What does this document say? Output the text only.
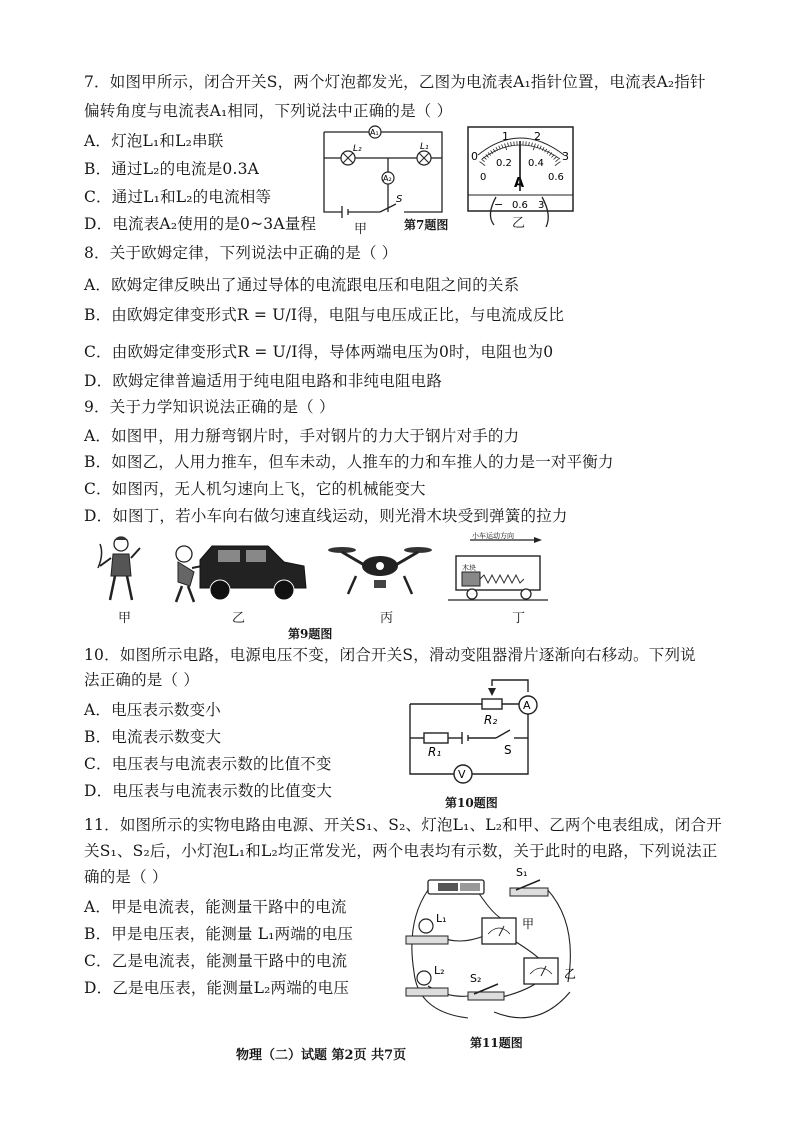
7．如图甲所示，闭合开关S，两个灯泡都发光，乙图为电流表A₁指针位置，电流表A₂指针
偏转角度与电流表A₁相同，下列说法中正确的是（ ）
A．灯泡L₁和L₂串联
B．通过L₂的电流是0.3A
C．通过L₁和L₂的电流相等
D．电流表A₂使用的是0~3A量程
A₁
L₂	L₁
A₂
S
甲	第7题图
0
1 2
3
0
0.2 0.4
0.6
A
− 0.6 3
乙
8．关于欧姆定律，下列说法中正确的是（ ）
A．欧姆定律反映出了通过导体的电流跟电压和电阻之间的关系
B．由欧姆定律变形式R = U/I得，电阻与电压成正比，与电流成反比
C．由欧姆定律变形式R = U/I得，导体两端电压为0时，电阻也为0
D．欧姆定律普遍适用于纯电阻电路和非纯电阻电路
9．关于力学知识说法正确的是（ ）
A．如图甲，用力掰弯钢片时，手对钢片的力大于钢片对手的力
B．如图乙，人用力推车，但车未动，人推车的力和车推人的力是一对平衡力
C．如图丙，无人机匀速向上飞，它的机械能变大
D．如图丁，若小车向右做匀速直线运动，则光滑木块受到弹簧的拉力
小车运动方向
木块
甲	乙	丙	丁
第9题图
10．如图所示电路，电源电压不变，闭合开关S，滑动变阻器滑片逐渐向右移动。下列说
法正确的是（ ）
A．电压表示数变小
B．电流表示数变大
C．电压表与电流表示数的比值不变
D．电压表与电流表示数的比值变大
R₂
R₁	S
A
V
第10题图
11．如图所示的实物电路由电源、开关S₁、S₂、灯泡L₁、L₂和甲、乙两个电表组成，闭合开
关S₁、S₂后，小灯泡L₁和L₂均正常发光，两个电表均有示数，关于此时的电路，下列说法正
确的是（ ）
A．甲是电流表，能测量干路中的电流
B．甲是电压表，能测量 L₁两端的电压
C．乙是电流表，能测量干路中的电流
D．乙是电压表，能测量L₂两端的电压
S₁
L₁	甲
L₂
S₂	乙
第11题图
物理（二）试题 第2页 共7页
